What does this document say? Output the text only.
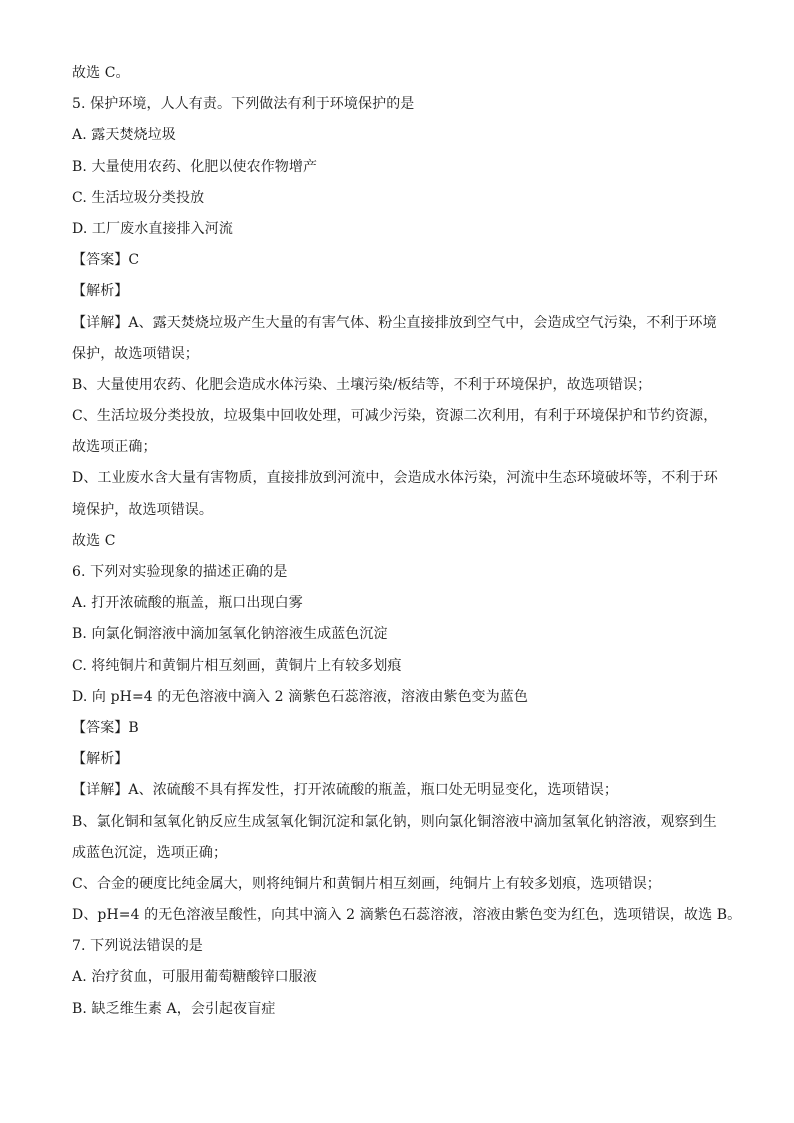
故选 C。
5. 保护环境，人人有责。下列做法有利于环境保护的是
A. 露天焚烧垃圾
B. 大量使用农药、化肥以使农作物增产
C. 生活垃圾分类投放
D. 工厂废水直接排入河流
【答案】C
【解析】
【详解】A、露天焚烧垃圾产生大量的有害气体、粉尘直接排放到空气中，会造成空气污染，不利于环境
保护，故选项错误；
B、大量使用农药、化肥会造成水体污染、土壤污染/板结等，不利于环境保护，故选项错误；
C、生活垃圾分类投放，垃圾集中回收处理，可减少污染，资源二次利用，有利于环境保护和节约资源，
故选项正确；
D、工业废水含大量有害物质，直接排放到河流中，会造成水体污染，河流中生态环境破坏等，不利于环
境保护，故选项错误。
故选 C
6. 下列对实验现象的描述正确的是
A. 打开浓硫酸的瓶盖，瓶口出现白雾
B. 向氯化铜溶液中滴加氢氧化钠溶液生成蓝色沉淀
C. 将纯铜片和黄铜片相互刻画，黄铜片上有较多划痕
D. 向 pH=4 的无色溶液中滴入 2 滴紫色石蕊溶液，溶液由紫色变为蓝色
【答案】B
【解析】
【详解】A、浓硫酸不具有挥发性，打开浓硫酸的瓶盖，瓶口处无明显变化，选项错误；
B、氯化铜和氢氧化钠反应生成氢氧化铜沉淀和氯化钠，则向氯化铜溶液中滴加氢氧化钠溶液，观察到生
成蓝色沉淀，选项正确；
C、合金的硬度比纯金属大，则将纯铜片和黄铜片相互刻画，纯铜片上有较多划痕，选项错误；
D、pH=4 的无色溶液呈酸性，向其中滴入 2 滴紫色石蕊溶液，溶液由紫色变为红色，选项错误，故选 B。
7. 下列说法错误的是
A. 治疗贫血，可服用葡萄糖酸锌口服液
B. 缺乏维生素 A，会引起夜盲症
